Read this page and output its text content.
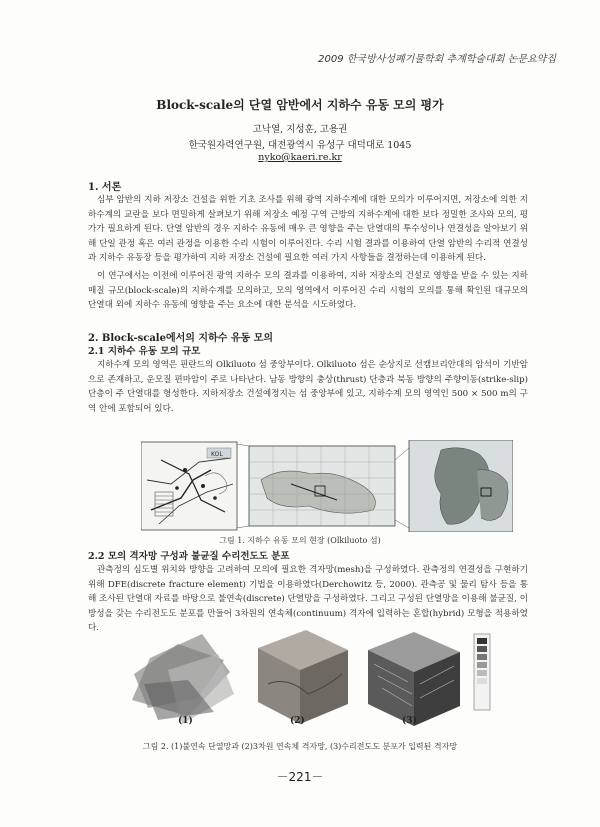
2009 한국방사성폐기물학회 추계학술대회 논문요약집
Block-scale의 단열 암반에서 지하수 유동 모의 평가
고낙열, 지성훈, 고용권
한국원자력연구원, 대전광역시 유성구 대덕대로 1045
nyko@kaeri.re.kr
1. 서론
심부 암반의 지하 저장소 건설을 위한 기초 조사를 위해 광역 지하수계에 대한 모의가 이루어지면, 저장소에 의한 지하수계의 교란을 보다 면밀하게 살펴보기 위해 저장소 예정 구역 근방의 지하수계에 대한 보다 정밀한 조사와 모의, 평가가 필요하게 된다. 단열 암반의 경우 지하수 유동에 매우 큰 영향을 주는 단열대의 투수성이나 연결성을 알아보기 위해 단일 관정 혹은 여러 관정을 이용한 수리 시험이 이루어진다. 수리 시험 결과를 이용하여 단열 암반의 수리적 연결성과 지하수 유동장 등을 평가하여 지하 저장소 건설에 필요한 여러 가지 사항들을 결정하는데 이용하게 된다.
이 연구에서는 이전에 이루어진 광역 지하수 모의 결과를 이용하여, 지하 저장소의 건설로 영향을 받을 수 있는 지하매질 규모(block-scale)의 지하수계를 모의하고, 모의 영역에서 이루어진 수리 시험의 모의를 통해 확인된 대규모의 단열대 외에 지하수 유동에 영향을 주는 요소에 대한 분석을 시도하였다.
2. Block-scale에서의 지하수 유동 모의
2.1 지하수 유동 모의 규모
지하수계 모의 영역은 핀란드의 Olkiluoto 섬 중앙부이다. Olkiluoto 섬은 순상지로 선캠브리안대의 암석이 기반암으로 존재하고, 운모질 편마암이 주로 나타난다. 남동 방향의 충상(thrust) 단층과 북동 방향의 주향이동(strike-slip) 단층이 주 단열대를 형성한다. 지하저장소 건설예정지는 섬 중앙부에 있고, 지하수계 모의 영역인 500 × 500 m의 구역 안에 포함되어 있다.
KOL
그림 1. 지하수 유동 모의 현장 (Olkiluoto 섬)
2.2 모의 격자망 구성과 불균질 수리전도도 분포
관측정의 심도별 위치와 방향을 고려하여 모의에 필요한 격자망(mesh)을 구성하였다. 관측정의 연결성을 구현하기 위해 DFE(discrete fracture element) 기법을 이용하였다(Derchowitz 등, 2000). 관측공 및 물리 탐사 등을 통해 조사된 단열대 자료를 바탕으로 불연속(discrete) 단열망을 구성하였다. 그리고 구성된 단열망을 이용해 불균질, 이방성을 갖는 수리전도도 분포를 만들어 3차원의 연속체(continuum) 격자에 입력하는 혼합(hybrid) 모형을 적용하였다.
(1)	(2)	(3)
그림 2. (1)불연속 단열망과 (2)3차원 연속체 격자망, (3)수리전도도 분포가 입력된 격자망
－221－
